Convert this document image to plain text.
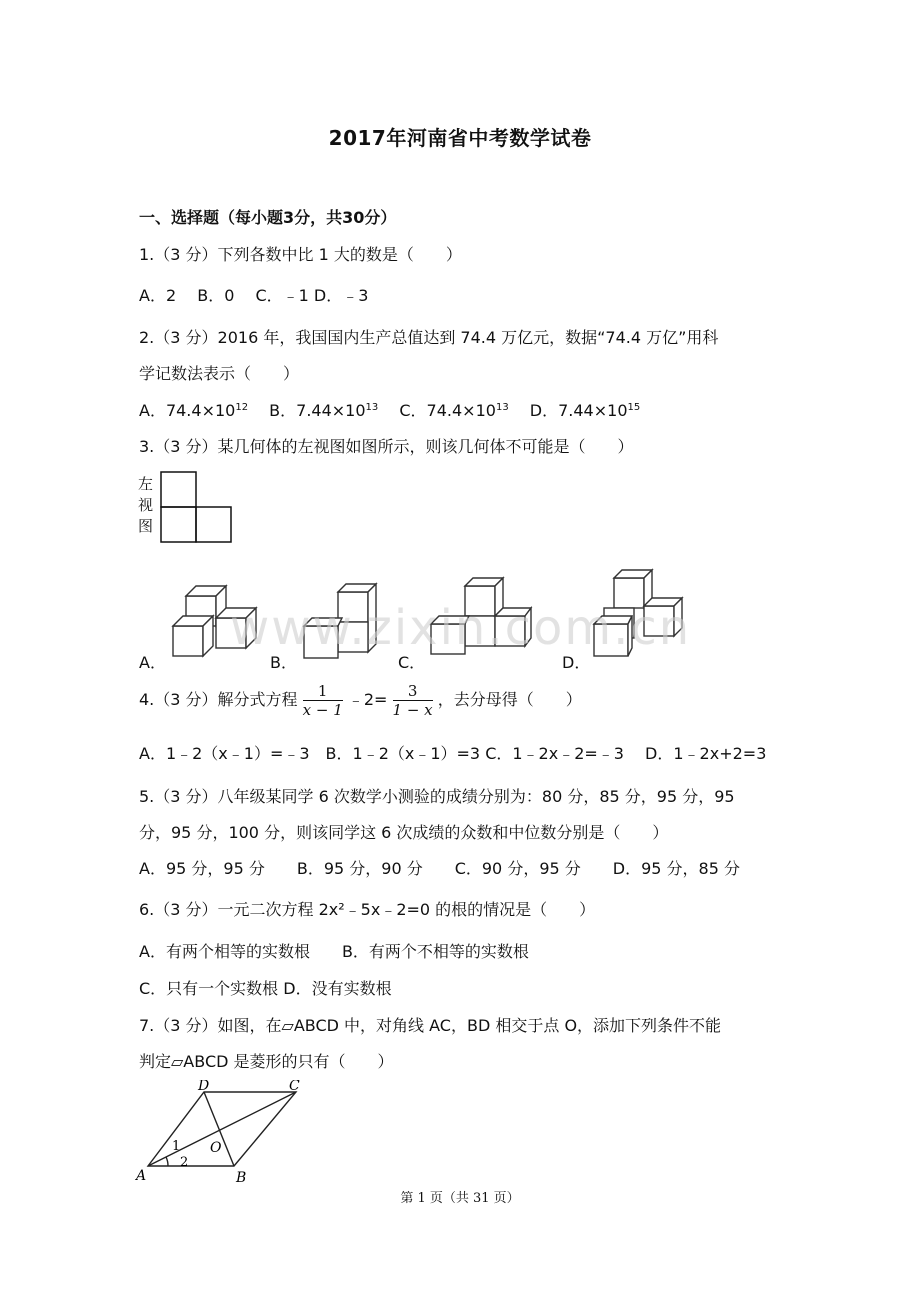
2017年河南省中考数学试卷
一、选择题（每小题3分，共30分）
1.（3 分）下列各数中比 1 大的数是（　　）
A．2　 B．0　 C．﹣1 D．﹣3
2.（3 分）2016 年，我国国内生产总值达到 74.4 万亿元，数据“74.4 万亿”用科
学记数法表示（　　）
A．$74.4\times 10^{12}$　 B．$7.44\times 10^{13}$　 C．$74.4\times 10^{13}$　 D．$7.44\times 10^{15}$
3.（3 分）某几何体的左视图如图所示，则该几何体不可能是（　　）
左
视
图
A．	B．	C．	D．
www.zixin.com.cn
4.（3 分）解分式方程 $\frac{1}{x - 1}$ ﹣2= $\frac{3}{1 - x}$ ，去分母得（　　）
A．1﹣2（x﹣1）=﹣3　B．1﹣2（x﹣1）=3 C．1﹣2x﹣2=﹣3　 D．1﹣2x+2=3
5.（3 分）八年级某同学 6 次数学小测验的成绩分别为：80 分，85 分，95 分，95
分，95 分，100 分，则该同学这 6 次成绩的众数和中位数分别是（　　）
A．95 分，95 分　　B．95 分，90 分　　C．90 分，95 分　　D．95 分，85 分
6.（3 分）一元二次方程 2x²﹣5x﹣2=0 的根的情况是（　　）
A．有两个相等的实数根　　B．有两个不相等的实数根
C．只有一个实数根 D．没有实数根
7.（3 分）如图，在▱ABCD 中，对角线 AC，BD 相交于点 O，添加下列条件不能
判定▱ABCD 是菱形的只有（　　）
D	C
A	B
O
1
2
第 1 页（共 31 页）
